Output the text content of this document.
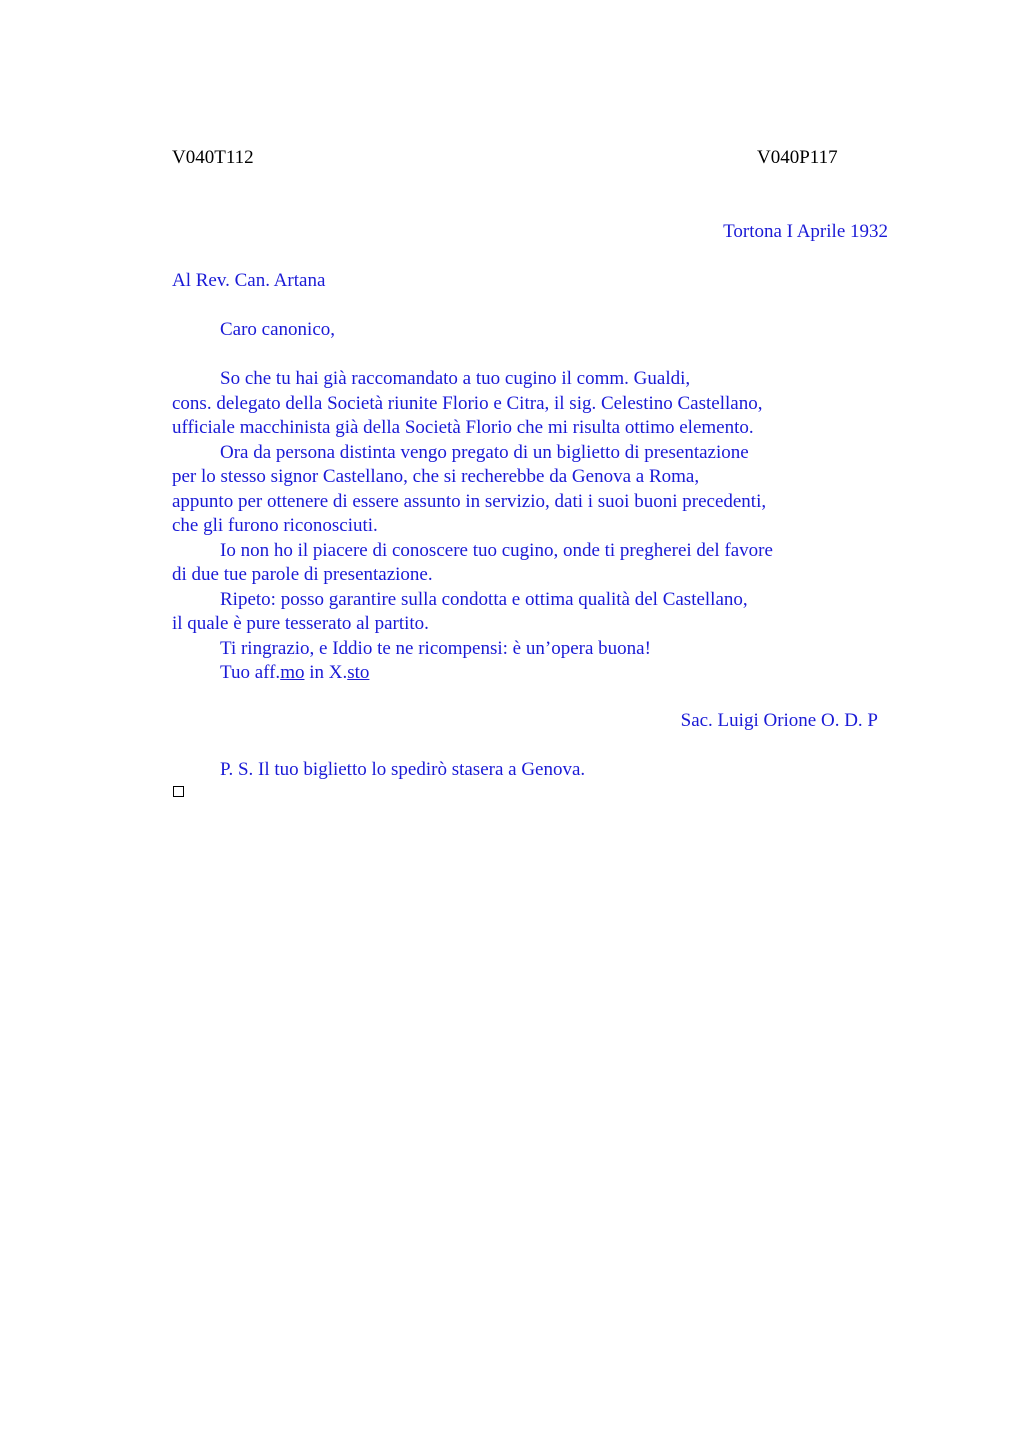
V040T112	V040P117
Tortona I Aprile 1932
Al Rev. Can. Artana
Caro canonico,
So che tu hai già raccomandato a tuo cugino il comm. Gualdi,
cons. delegato della Società riunite Florio e Citra, il sig. Celestino Castellano,
ufficiale macchinista già della Società Florio che mi risulta ottimo elemento.
Ora da persona distinta vengo pregato di un biglietto di presentazione
per lo stesso signor Castellano, che si recherebbe da Genova a Roma,
appunto per ottenere di essere assunto in servizio, dati i suoi buoni precedenti,
che gli furono riconosciuti.
Io non ho il piacere di conoscere tuo cugino, onde ti pregherei del favore
di due tue parole di presentazione.
Ripeto: posso garantire sulla condotta e ottima qualità del Castellano,
il quale è pure tesserato al partito.
Ti ringrazio, e Iddio te ne ricompensi: è un’opera buona!
Tuo aff.mo in X.sto
Sac. Luigi Orione O. D. P
P. S. Il tuo biglietto lo spedirò stasera a Genova.
